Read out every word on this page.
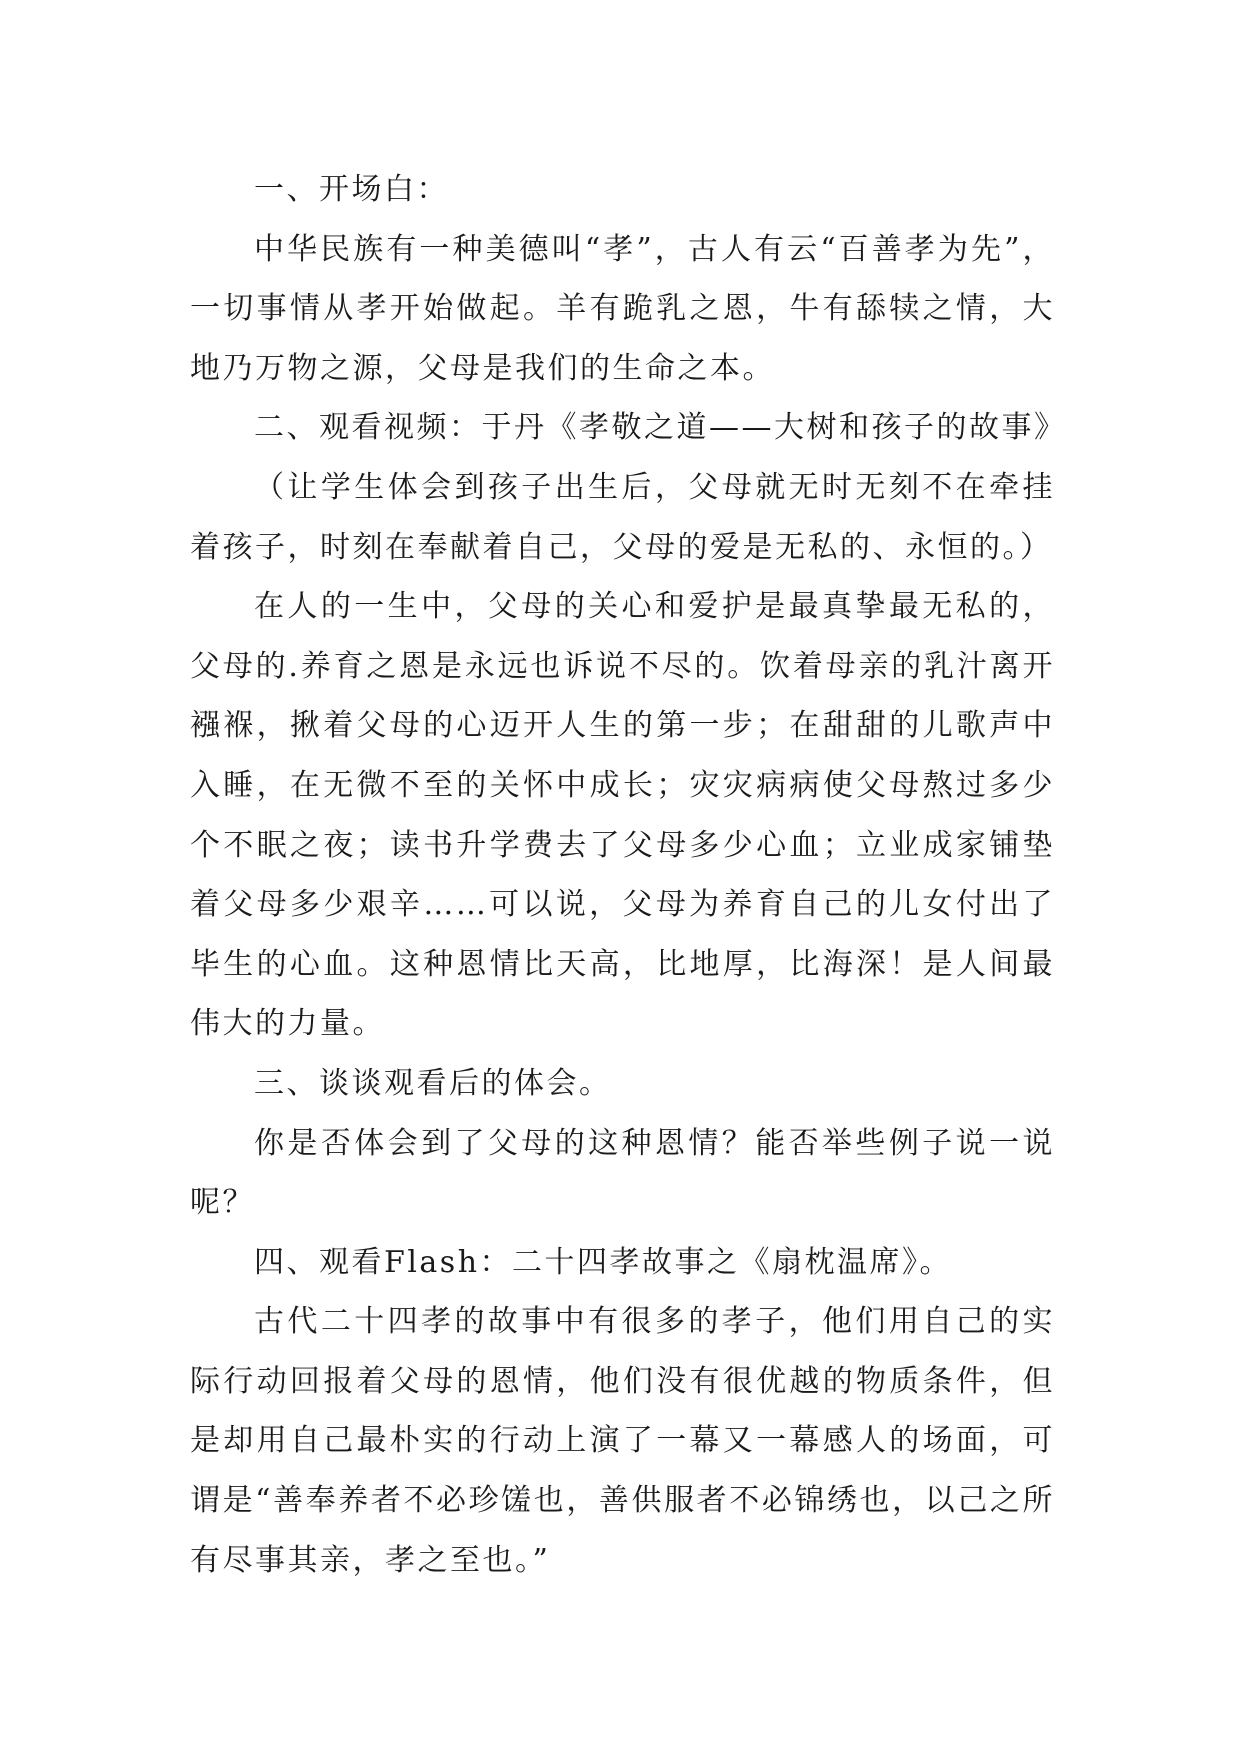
一、开场白：

中华民族有一种美德叫“孝”，古人有云“百善孝为先”，一切事情从孝开始做起。羊有跪乳之恩，牛有舔犊之情，大地乃万物之源，父母是我们的生命之本。

二、观看视频：于丹《孝敬之道——大树和孩子的故事》

（让学生体会到孩子出生后，父母就无时无刻不在牵挂着孩子，时刻在奉献着自己，父母的爱是无私的、永恒的。）

在人的一生中，父母的关心和爱护是最真挚最无私的，父母的.养育之恩是永远也诉说不尽的。饮着母亲的乳汁离开襁褓，揪着父母的心迈开人生的第一步；在甜甜的儿歌声中入睡，在无微不至的关怀中成长；灾灾病病使父母熬过多少个不眠之夜；读书升学费去了父母多少心血；立业成家铺垫着父母多少艰辛……可以说，父母为养育自己的儿女付出了毕生的心血。这种恩情比天高，比地厚，比海深！是人间最伟大的力量。

三、谈谈观看后的体会。

你是否体会到了父母的这种恩情？能否举些例子说一说呢？

四、观看Flash：二十四孝故事之《扇枕温席》。

古代二十四孝的故事中有很多的孝子，他们用自己的实际行动回报着父母的恩情，他们没有很优越的物质条件，但是却用自己最朴实的行动上演了一幕又一幕感人的场面，可谓是“善奉养者不必珍馐也，善供服者不必锦绣也，以己之所有尽事其亲，孝之至也。”
